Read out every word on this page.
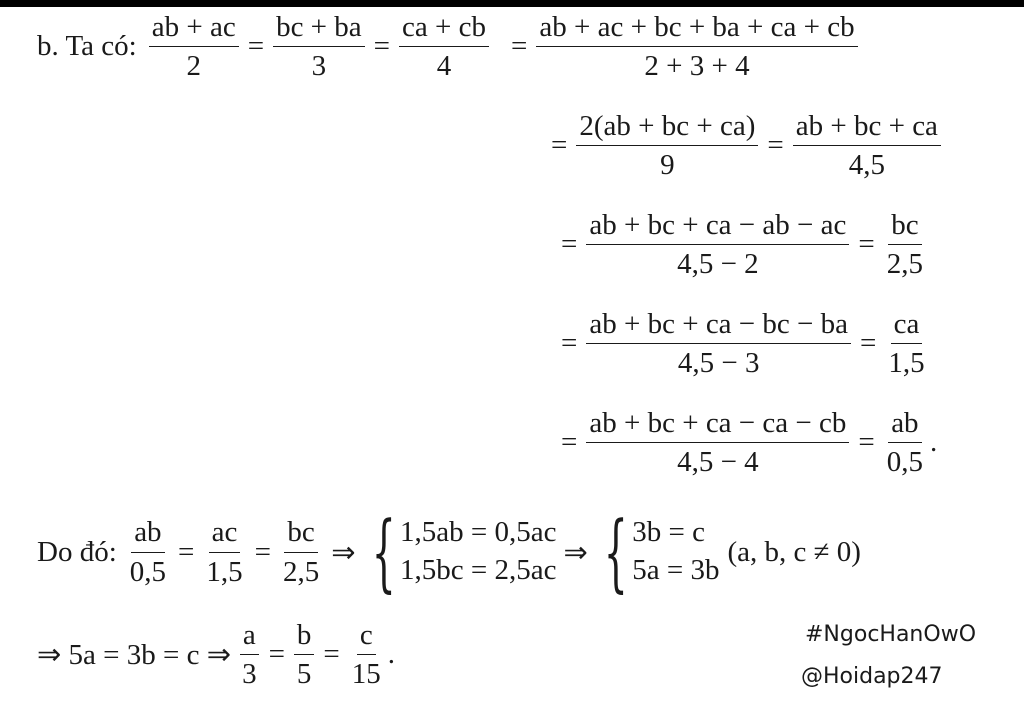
b. Ta có: $\frac{ab + ac}{2} = \frac{bc + ba}{3} = \frac{ca + cb}{4} = \frac{ab + ac + bc + ba + ca + cb}{2 + 3 + 4}$
= $\frac{2(ab + bc + ca)}{9} = \frac{ab + bc + ca}{4,5}$
= $\frac{ab + bc + ca - ab - ac}{4,5 - 2} = \frac{bc}{2,5}$
= $\frac{ab + bc + ca - bc - ba}{4,5 - 3} = \frac{ca}{1,5}$
= $\frac{ab + bc + ca - ca - cb}{4,5 - 4} = \frac{ab}{0,5}$ .
Do đó: $\frac{ab}{0,5} = \frac{ac}{1,5} = \frac{bc}{2,5}$ ⇒ { 1,5ab = 0,5ac
1,5bc = 2,5ac
⇒ { 3b = c
5a = 3b
(a, b, c ≠ 0)
⇒ 5a = 3b = c ⇒ $\frac{a}{3} = \frac{b}{5} = \frac{c}{15}$ .
#NgocHanOwO
@Hoidap247
